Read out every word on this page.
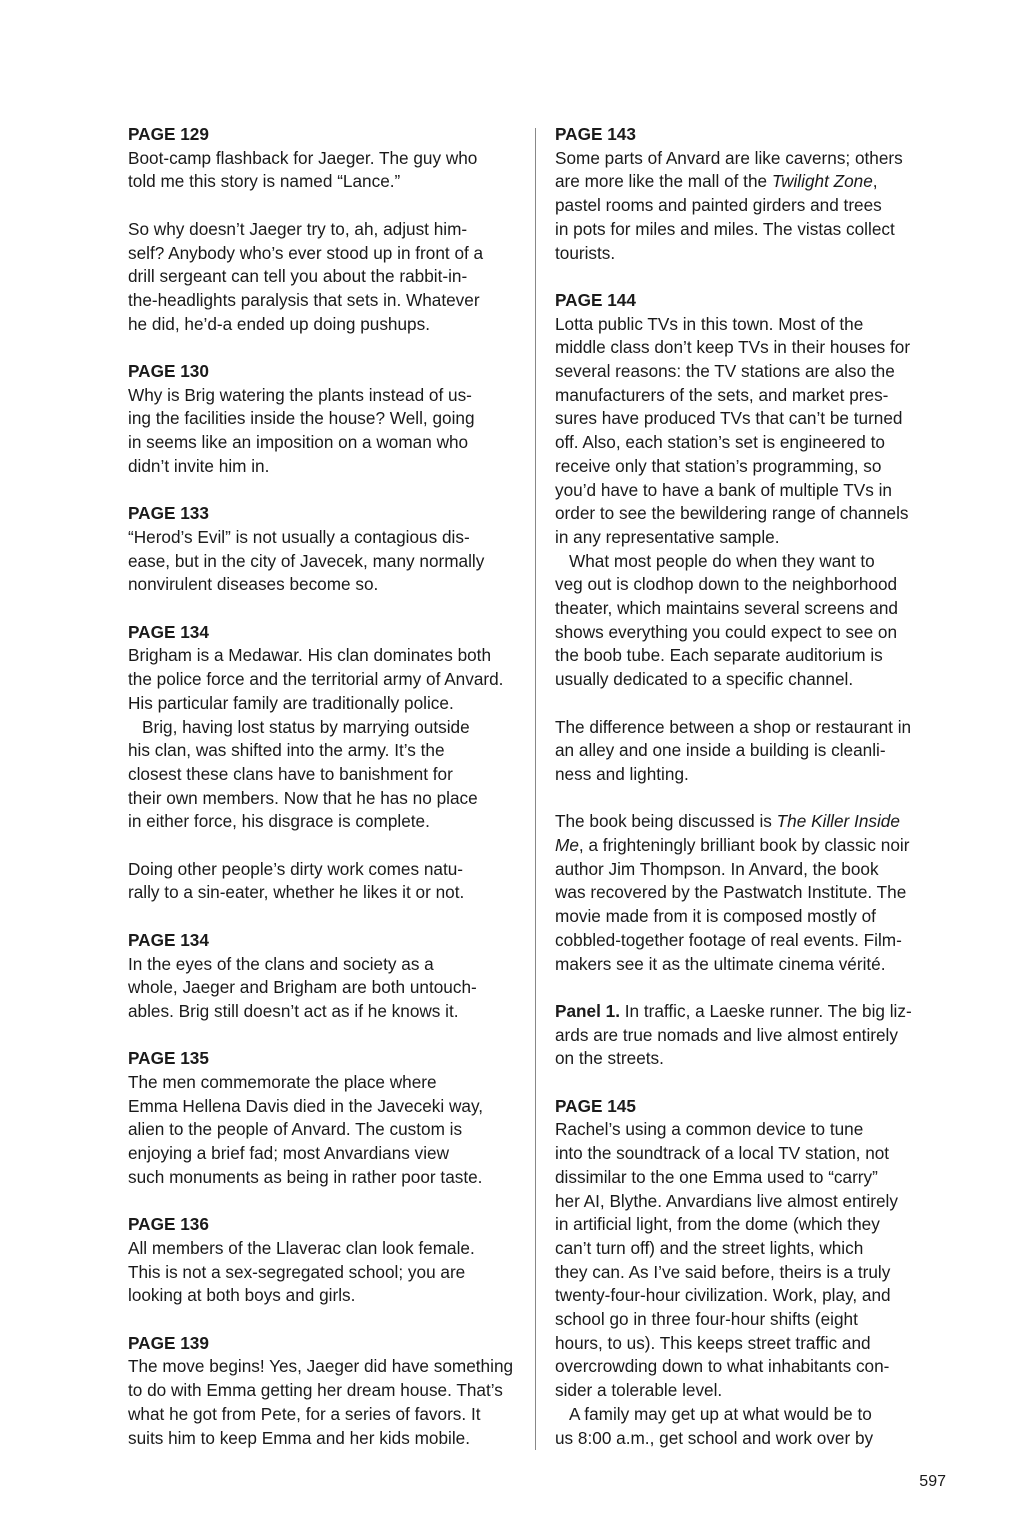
PAGE 129

Boot-camp flashback for Jaeger. The guy who
told me this story is named “Lance.”

So why doesn’t Jaeger try to, ah, adjust him-
self? Anybody who’s ever stood up in front of a
drill sergeant can tell you about the rabbit-in-
the-headlights paralysis that sets in. Whatever
he did, he’d-a ended up doing pushups.

PAGE 130

Why is Brig watering the plants instead of us-
ing the facilities inside the house? Well, going
in seems like an imposition on a woman who
didn’t invite him in.

PAGE 133

“Herod’s Evil” is not usually a contagious dis-
ease, but in the city of Javecek, many normally
nonvirulent diseases become so.

PAGE 134

Brigham is a Medawar. His clan dominates both
the police force and the territorial army of Anvard.
His particular family are traditionally police.

Brig, having lost status by marrying outside
his clan, was shifted into the army. It’s the
closest these clans have to banishment for
their own members. Now that he has no place
in either force, his disgrace is complete.

Doing other people’s dirty work comes natu-
rally to a sin-eater, whether he likes it or not.

PAGE 134

In the eyes of the clans and society as a
whole, Jaeger and Brigham are both untouch-
ables. Brig still doesn’t act as if he knows it.

PAGE 135

The men commemorate the place where
Emma Hellena Davis died in the Javeceki way,
alien to the people of Anvard. The custom is
enjoying a brief fad; most Anvardians view
such monuments as being in rather poor taste.

PAGE 136

All members of the Llaverac clan look female.
This is not a sex-segregated school; you are
looking at both boys and girls.

PAGE 139

The move begins! Yes, Jaeger did have something
to do with Emma getting her dream house. That’s
what he got from Pete, for a series of favors. It
suits him to keep Emma and her kids mobile.

PAGE 143

Some parts of Anvard are like caverns; others
are more like the mall of the Twilight Zone,
pastel rooms and painted girders and trees
in pots for miles and miles. The vistas collect
tourists.

PAGE 144

Lotta public TVs in this town. Most of the
middle class don’t keep TVs in their houses for
several reasons: the TV stations are also the
manufacturers of the sets, and market pres-
sures have produced TVs that can’t be turned
off. Also, each station’s set is engineered to
receive only that station’s programming, so
you’d have to have a bank of multiple TVs in
order to see the bewildering range of channels
in any representative sample.

What most people do when they want to
veg out is clodhop down to the neighborhood
theater, which maintains several screens and
shows everything you could expect to see on
the boob tube. Each separate auditorium is
usually dedicated to a specific channel.

The difference between a shop or restaurant in
an alley and one inside a building is cleanli-
ness and lighting.

The book being discussed is The Killer Inside
Me, a frighteningly brilliant book by classic noir
author Jim Thompson. In Anvard, the book
was recovered by the Pastwatch Institute. The
movie made from it is composed mostly of
cobbled-together footage of real events. Film-
makers see it as the ultimate cinema vérité.

Panel 1. In traffic, a Laeske runner. The big liz-
ards are true nomads and live almost entirely
on the streets.

PAGE 145

Rachel’s using a common device to tune
into the soundtrack of a local TV station, not
dissimilar to the one Emma used to “carry”
her AI, Blythe. Anvardians live almost entirely
in artificial light, from the dome (which they
can’t turn off) and the street lights, which
they can. As I’ve said before, theirs is a truly
twenty-four-hour civilization. Work, play, and
school go in three four-hour shifts (eight
hours, to us). This keeps street traffic and
overcrowding down to what inhabitants con-
sider a tolerable level.

A family may get up at what would be to
us 8:00 a.m., get school and work over by

597
